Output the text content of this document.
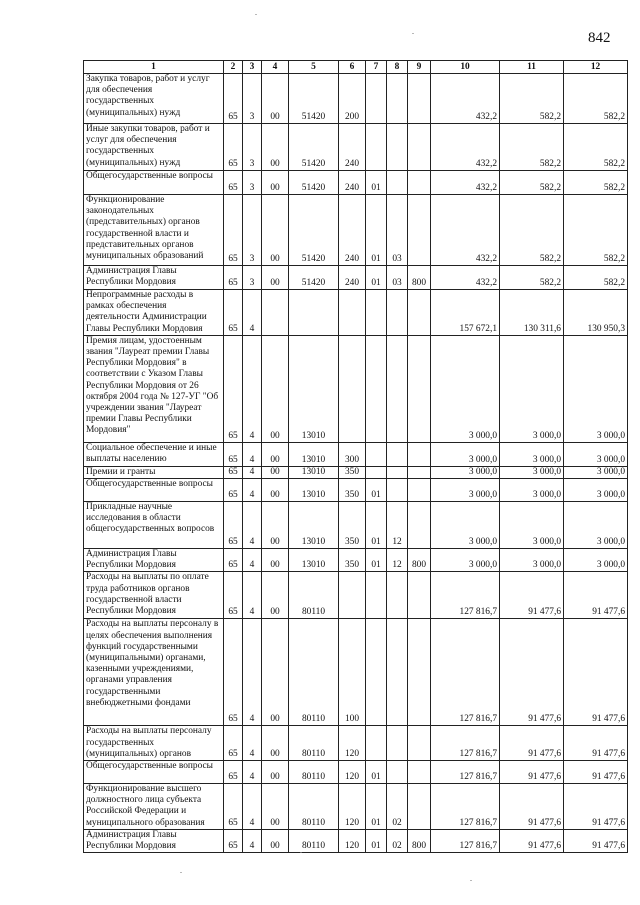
842
1	2	3	4	5	6	7	8	9	10	11	12
Закупка товаров, работ и услуг для обеспечения государственных (муниципальных) нужд	65	3	00	51420	200				432,2	582,2	582,2
Иные закупки товаров, работ и услуг для обеспечения государственных (муниципальных) нужд	65	3	00	51420	240				432,2	582,2	582,2
Общегосударственные вопросы	65	3	00	51420	240	01			432,2	582,2	582,2
Функционирование законодательных (представительных) органов государственной власти и представительных органов муниципальных образований	65	3	00	51420	240	01	03		432,2	582,2	582,2
Администрация Главы Республики Мордовия	65	3	00	51420	240	01	03	800	432,2	582,2	582,2
Непрограммные расходы в рамках обеспечения деятельности Администрации Главы Республики Мордовия	65	4							157 672,1	130 311,6	130 950,3
Премия лицам, удостоенным звания "Лауреат премии Главы Республики Мордовия" в соответствии с Указом Главы Республики Мордовия от 26 октября 2004 года № 127-УГ "Об учреждении звания "Лауреат премии Главы Республики Мордовия"	65	4	00	13010					3 000,0	3 000,0	3 000,0
Социальное обеспечение и иные выплаты населению	65	4	00	13010	300				3 000,0	3 000,0	3 000,0
Премии и гранты	65	4	00	13010	350				3 000,0	3 000,0	3 000,0
Общегосударственные вопросы	65	4	00	13010	350	01			3 000,0	3 000,0	3 000,0
Прикладные научные исследования в области общегосударственных вопросов	65	4	00	13010	350	01	12		3 000,0	3 000,0	3 000,0
Администрация Главы Республики Мордовия	65	4	00	13010	350	01	12	800	3 000,0	3 000,0	3 000,0
Расходы на выплаты по оплате труда работников органов государственной власти Республики Мордовия	65	4	00	80110					127 816,7	91 477,6	91 477,6
Расходы на выплаты персоналу в целях обеспечения выполнения функций государственными (муниципальными) органами, казенными учреждениями, органами управления государственными внебюджетными фондами	65	4	00	80110	100				127 816,7	91 477,6	91 477,6
Расходы на выплаты персоналу государственных (муниципальных) органов	65	4	00	80110	120				127 816,7	91 477,6	91 477,6
Общегосударственные вопросы	65	4	00	80110	120	01			127 816,7	91 477,6	91 477,6
Функционирование высшего должностного лица субъекта Российской Федерации и муниципального образования	65	4	00	80110	120	01	02		127 816,7	91 477,6	91 477,6
Администрация Главы Республики Мордовия	65	4	00	80110	120	01	02	800	127 816,7	91 477,6	91 477,6
